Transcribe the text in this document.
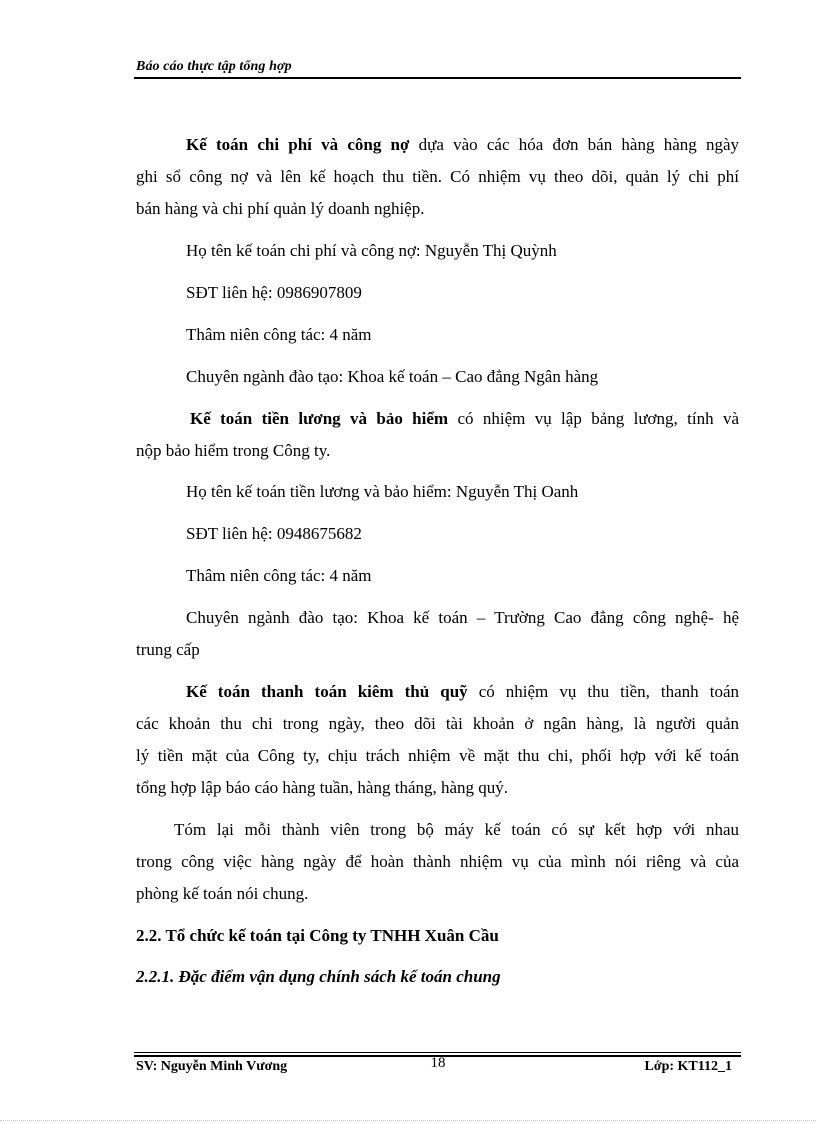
Báo cáo thực tập tổng hợp
Kế toán chi phí và công nợ dựa vào các hóa đơn bán hàng hàng ngày
ghi sổ công nợ và lên kế hoạch thu tiền. Có nhiệm vụ theo dõi, quản lý chi phí
bán hàng và chi phí quản lý doanh nghiệp.
Họ tên kế toán chi phí và công nợ: Nguyễn Thị Quỳnh
SĐT liên hệ: 0986907809
Thâm niên công tác: 4 năm
Chuyên ngành đào tạo: Khoa kế toán – Cao đẳng Ngân hàng
Kế toán tiền lương và bảo hiểm có nhiệm vụ lập bảng lương, tính và
nộp bảo hiểm trong Công ty.
Họ tên kế toán tiền lương và bảo hiểm: Nguyễn Thị Oanh
SĐT liên hệ: 0948675682
Thâm niên công tác: 4 năm
Chuyên ngành đào tạo: Khoa kế toán – Trường Cao đẳng công nghệ- hệ
trung cấp
Kế toán thanh toán kiêm thủ quỹ có nhiệm vụ thu tiền, thanh toán
các khoản thu chi trong ngày, theo dõi tài khoản ở ngân hàng, là người quản
lý tiền mặt của Công ty, chịu trách nhiệm về mặt thu chi, phối hợp với kế toán
tổng hợp lập báo cáo hàng tuần, hàng tháng, hàng quý.
Tóm lại mỗi thành viên trong bộ máy kế toán có sự kết hợp với nhau
trong công việc hàng ngày để hoàn thành nhiệm vụ của mình nói riêng và của
phòng kế toán nói chung.
2.2. Tổ chức kế toán tại Công ty TNHH Xuân Cầu
2.2.1. Đặc điểm vận dụng chính sách kế toán chung
SV: Nguyễn Minh Vương	18	Lớp: KT112_1
